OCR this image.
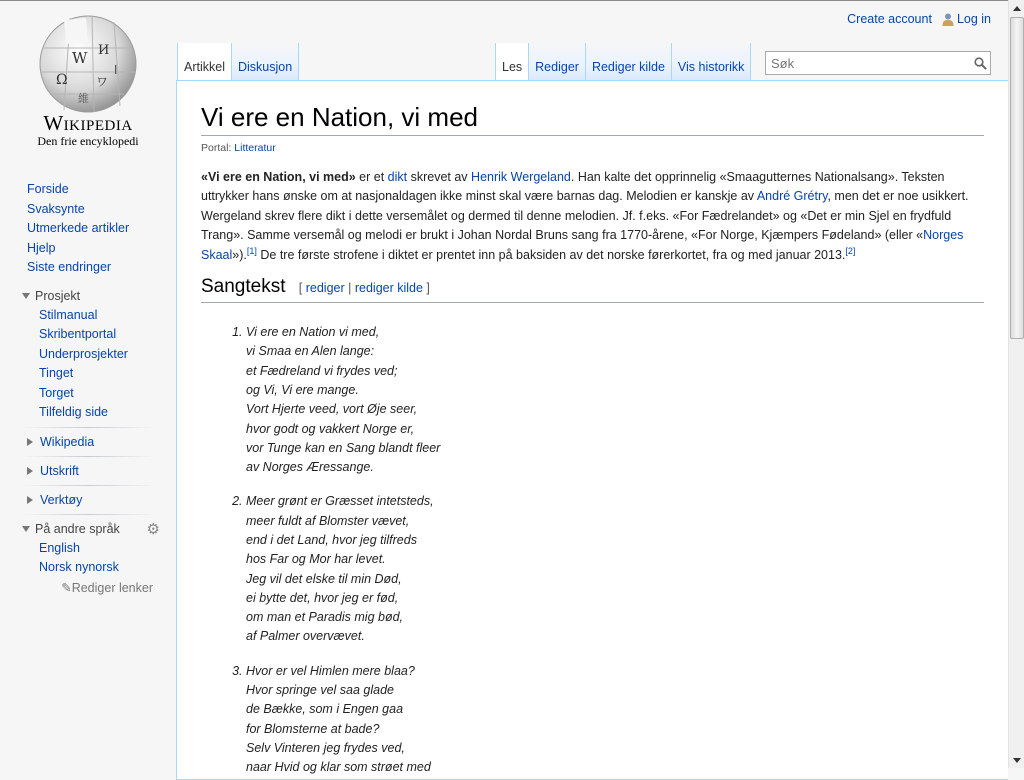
Create account Log in
W И
Ω ワ
維
ا
Wikipedia
Den frie encyklopedi
Forside
Svaksynte
Utmerkede artikler
Hjelp
Siste endringer
Prosjekt
Stilmanual
Skribentportal
Underprosjekter
Tinget
Torget
Tilfeldig side
Wikipedia
Utskrift
Verktøy
På andre språk ⚙
English
Norsk nynorsk
✎Rediger lenker
Artikkel	Diskusjon	Les	Rediger	Rediger kilde	Vis historikk
Søk
Vi ere en Nation, vi med
Portal: Litteratur

«Vi ere en Nation, vi med» er et dikt skrevet av Henrik Wergeland. Han kalte det opprinnelig «Smaagutternes Nationalsang». Teksten uttrykker hans ønske om at nasjonaldagen ikke minst skal være barnas dag. Melodien er kanskje av André Grétry, men det er noe usikkert. Wergeland skrev flere dikt i dette versemålet og dermed til denne melodien. Jf. f.eks. «For Fædrelandet» og «Det er min Sjel en frydfuld Trang». Samme versemål og melodi er brukt i Johan Nordal Bruns sang fra 1770-årene, «For Norge, Kjæmpers Fødeland» (eller «Norges Skaal»).[1] De tre første strofene i diktet er prentet inn på baksiden av det norske førerkortet, fra og med januar 2013.[2]

Sangtekst [ rediger | rediger kilde ]
1. Vi ere en Nation vi med,
vi Smaa en Alen lange:
et Fædreland vi frydes ved;
og Vi, Vi ere mange.
Vort Hjerte veed, vort Øje seer,
hvor godt og vakkert Norge er,
vor Tunge kan en Sang blandt fleer
av Norges Æressange.
2. Meer grønt er Græsset intetsteds,
meer fuldt af Blomster vævet,
end i det Land, hvor jeg tilfreds
hos Far og Mor har levet.
Jeg vil det elske til min Død,
ei bytte det, hvor jeg er fød,
om man et Paradis mig bød,
af Palmer overvævet.
3. Hvor er vel Himlen mere blaa?
Hvor springe vel saa glade
de Bække, som i Engen gaa
for Blomsterne at bade?
Selv Vinteren jeg frydes ved,
naar Hvid og klar som strøet med
